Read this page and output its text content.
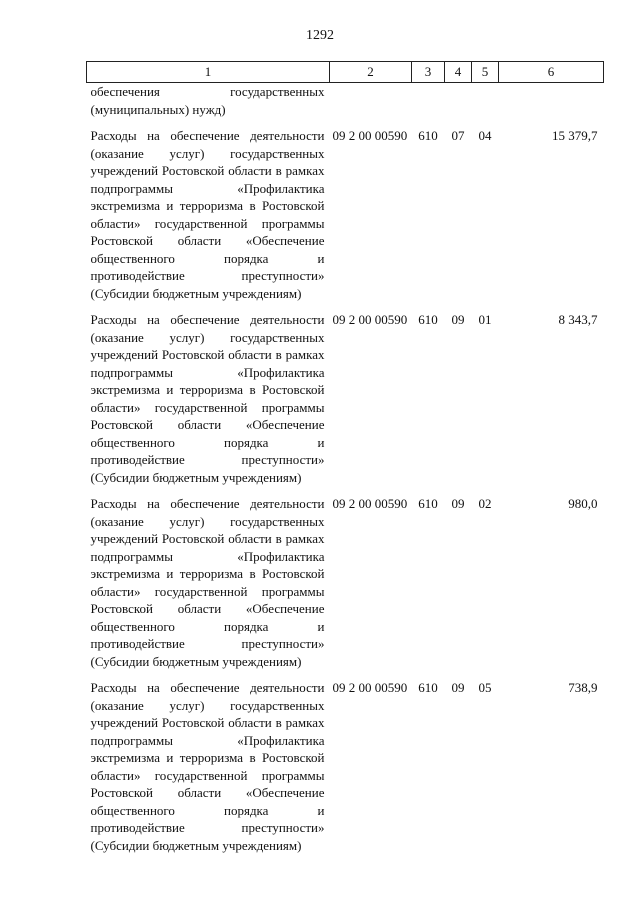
1292
1	2	3	4	5	6
обеспечения государственных (муниципальных) нужд)					
Расходы на обеспечение деятельности (оказание услуг) государственных учреждений Ростовской области в рамках подпрограммы «Профилактика экстремизма и терроризма в Ростовской области» государственной программы Ростовской области «Обеспечение общественного порядка и противодействие преступности» (Субсидии бюджетным учреждениям)	09 2 00 00590	610	07	04	15 379,7
Расходы на обеспечение деятельности (оказание услуг) государственных учреждений Ростовской области в рамках подпрограммы «Профилактика экстремизма и терроризма в Ростовской области» государственной программы Ростовской области «Обеспечение общественного порядка и противодействие преступности» (Субсидии бюджетным учреждениям)	09 2 00 00590	610	09	01	8 343,7
Расходы на обеспечение деятельности (оказание услуг) государственных учреждений Ростовской области в рамках подпрограммы «Профилактика экстремизма и терроризма в Ростовской области» государственной программы Ростовской области «Обеспечение общественного порядка и противодействие преступности» (Субсидии бюджетным учреждениям)	09 2 00 00590	610	09	02	980,0
Расходы на обеспечение деятельности (оказание услуг) государственных учреждений Ростовской области в рамках подпрограммы «Профилактика экстремизма и терроризма в Ростовской области» государственной программы Ростовской области «Обеспечение общественного порядка и противодействие преступности» (Субсидии бюджетным учреждениям)	09 2 00 00590	610	09	05	738,9
